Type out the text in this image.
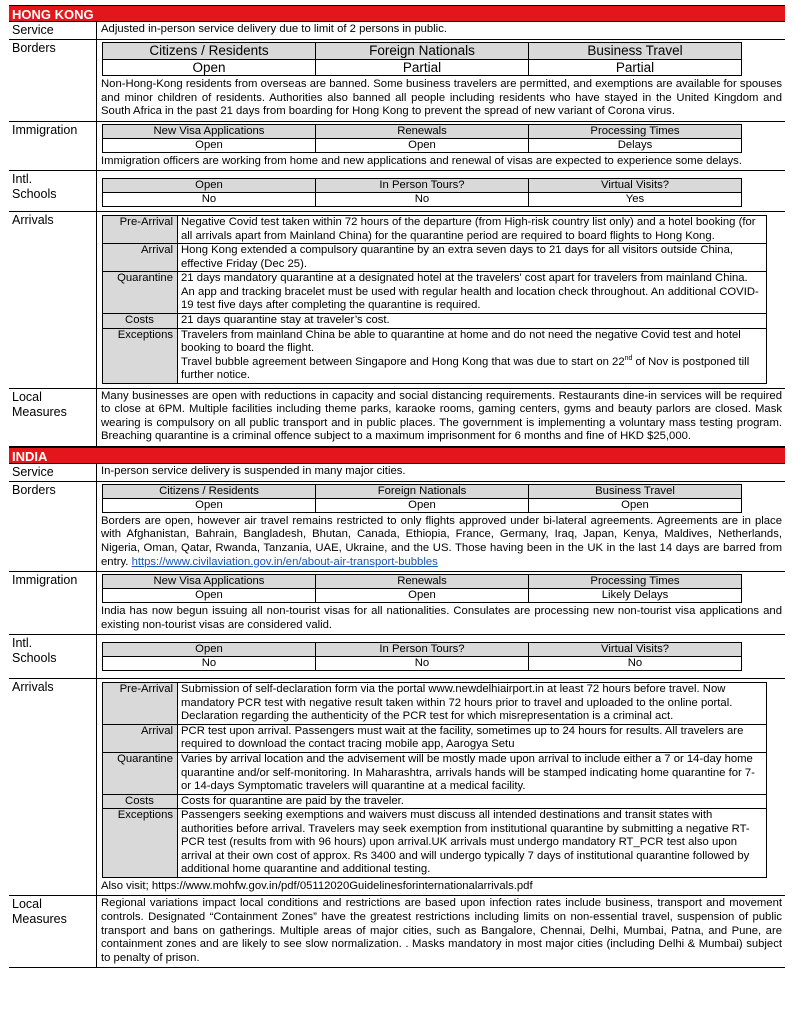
HONG KONG
Service	Adjusted in-person service delivery due to limit of 2 persons in public.
Borders	Citizens / Residents	Foreign Nationals	Business Travel
Open	Partial	Partial
Non-Hong-Kong residents from overseas are banned. Some business travelers are permitted, and exemptions are available for spouses and minor children of residents. Authorities also banned all people including residents who have stayed in the United Kingdom and South Africa in the past 21 days from boarding for Hong Kong to prevent the spread of new variant of Corona virus.
Immigration	New Visa Applications	Renewals	Processing Times
Open	Open	Delays
Immigration officers are working from home and new applications and renewal of visas are expected to experience some delays.
Intl.
Schools
Open	In Person Tours?	Virtual Visits?
No	No	Yes
Arrivals	Pre-Arrival	Negative Covid test taken within 72 hours of the departure (from High-risk country list only) and a hotel booking (for all arrivals apart from Mainland China) for the quarantine period are required to board flights to Hong Kong.
Arrival	Hong Kong extended a compulsory quarantine by an extra seven days to 21 days for all visitors outside China, effective Friday (Dec 25).
Quarantine	21 days mandatory quarantine at a designated hotel at the travelers' cost apart for travelers from mainland China. An app and tracking bracelet must be used with regular health and location check throughout. An additional COVID-19 test five days after completing the quarantine is required.
Costs	21 days quarantine stay at traveler’s cost.
Exceptions	Travelers from mainland China be able to quarantine at home and do not need the negative Covid test and hotel booking to board the flight.
Travel bubble agreement between Singapore and Hong Kong that was due to start on 22nd of Nov is postponed till further notice.
Local
Measures
Many businesses are open with reductions in capacity and social distancing requirements. Restaurants dine-in services will be required to close at 6PM. Multiple facilities including theme parks, karaoke rooms, gaming centers, gyms and beauty parlors are closed. Mask wearing is compulsory on all public transport and in public places. The government is implementing a voluntary mass testing program. Breaching quarantine is a criminal offence subject to a maximum imprisonment for 6 months and fine of HKD $25,000.
INDIA
Service	In-person service delivery is suspended in many major cities.
Borders	Citizens / Residents	Foreign Nationals	Business Travel
Open	Open	Open
Borders are open, however air travel remains restricted to only flights approved under bi-lateral agreements. Agreements are in place with Afghanistan, Bahrain, Bangladesh, Bhutan, Canada, Ethiopia, France, Germany, Iraq, Japan, Kenya, Maldives, Netherlands, Nigeria, Oman, Qatar, Rwanda, Tanzania, UAE, Ukraine, and the US. Those having been in the UK in the last 14 days are barred from entry. https://www.civilaviation.gov.in/en/about-air-transport-bubbles
Immigration	New Visa Applications	Renewals	Processing Times
Open	Open	Likely Delays
India has now begun issuing all non-tourist visas for all nationalities. Consulates are processing new non-tourist visa applications and existing non-tourist visas are considered valid.
Intl.
Schools
Open	In Person Tours?	Virtual Visits?
No	No	No
Arrivals	Pre-Arrival	Submission of self-declaration form via the portal www.newdelhiairport.in at least 72 hours before travel. Now mandatory PCR test with negative result taken within 72 hours prior to travel and uploaded to the online portal. Declaration regarding the authenticity of the PCR test for which misrepresentation is a criminal act.
Arrival	PCR test upon arrival. Passengers must wait at the facility, sometimes up to 24 hours for results. All travelers are required to download the contact tracing mobile app, Aarogya Setu
Quarantine	Varies by arrival location and the advisement will be mostly made upon arrival to include either a 7 or 14-day home quarantine and/or self-monitoring. In Maharashtra, arrivals hands will be stamped indicating home quarantine for 7- or 14-days Symptomatic travelers will quarantine at a medical facility.
Costs	Costs for quarantine are paid by the traveler.
Exceptions	Passengers seeking exemptions and waivers must discuss all intended destinations and transit states with authorities before arrival. Travelers may seek exemption from institutional quarantine by submitting a negative RT-PCR test (results from with 96 hours) upon arrival.UK arrivals must undergo mandatory RT_PCR test also upon arrival at their own cost of approx. Rs 3400 and will undergo typically 7 days of institutional quarantine followed by additional home quarantine and additional testing.
Also visit; https://www.mohfw.gov.in/pdf/05112020Guidelinesforinternationalarrivals.pdf
Local
Measures
Regional variations impact local conditions and restrictions are based upon infection rates include business, transport and movement controls. Designated “Containment Zones” have the greatest restrictions including limits on non-essential travel, suspension of public transport and bans on gatherings. Multiple areas of major cities, such as Bangalore, Chennai, Delhi, Mumbai, Patna, and Pune, are containment zones and are likely to see slow normalization. . Masks mandatory in most major cities (including Delhi & Mumbai) subject to penalty of prison.
